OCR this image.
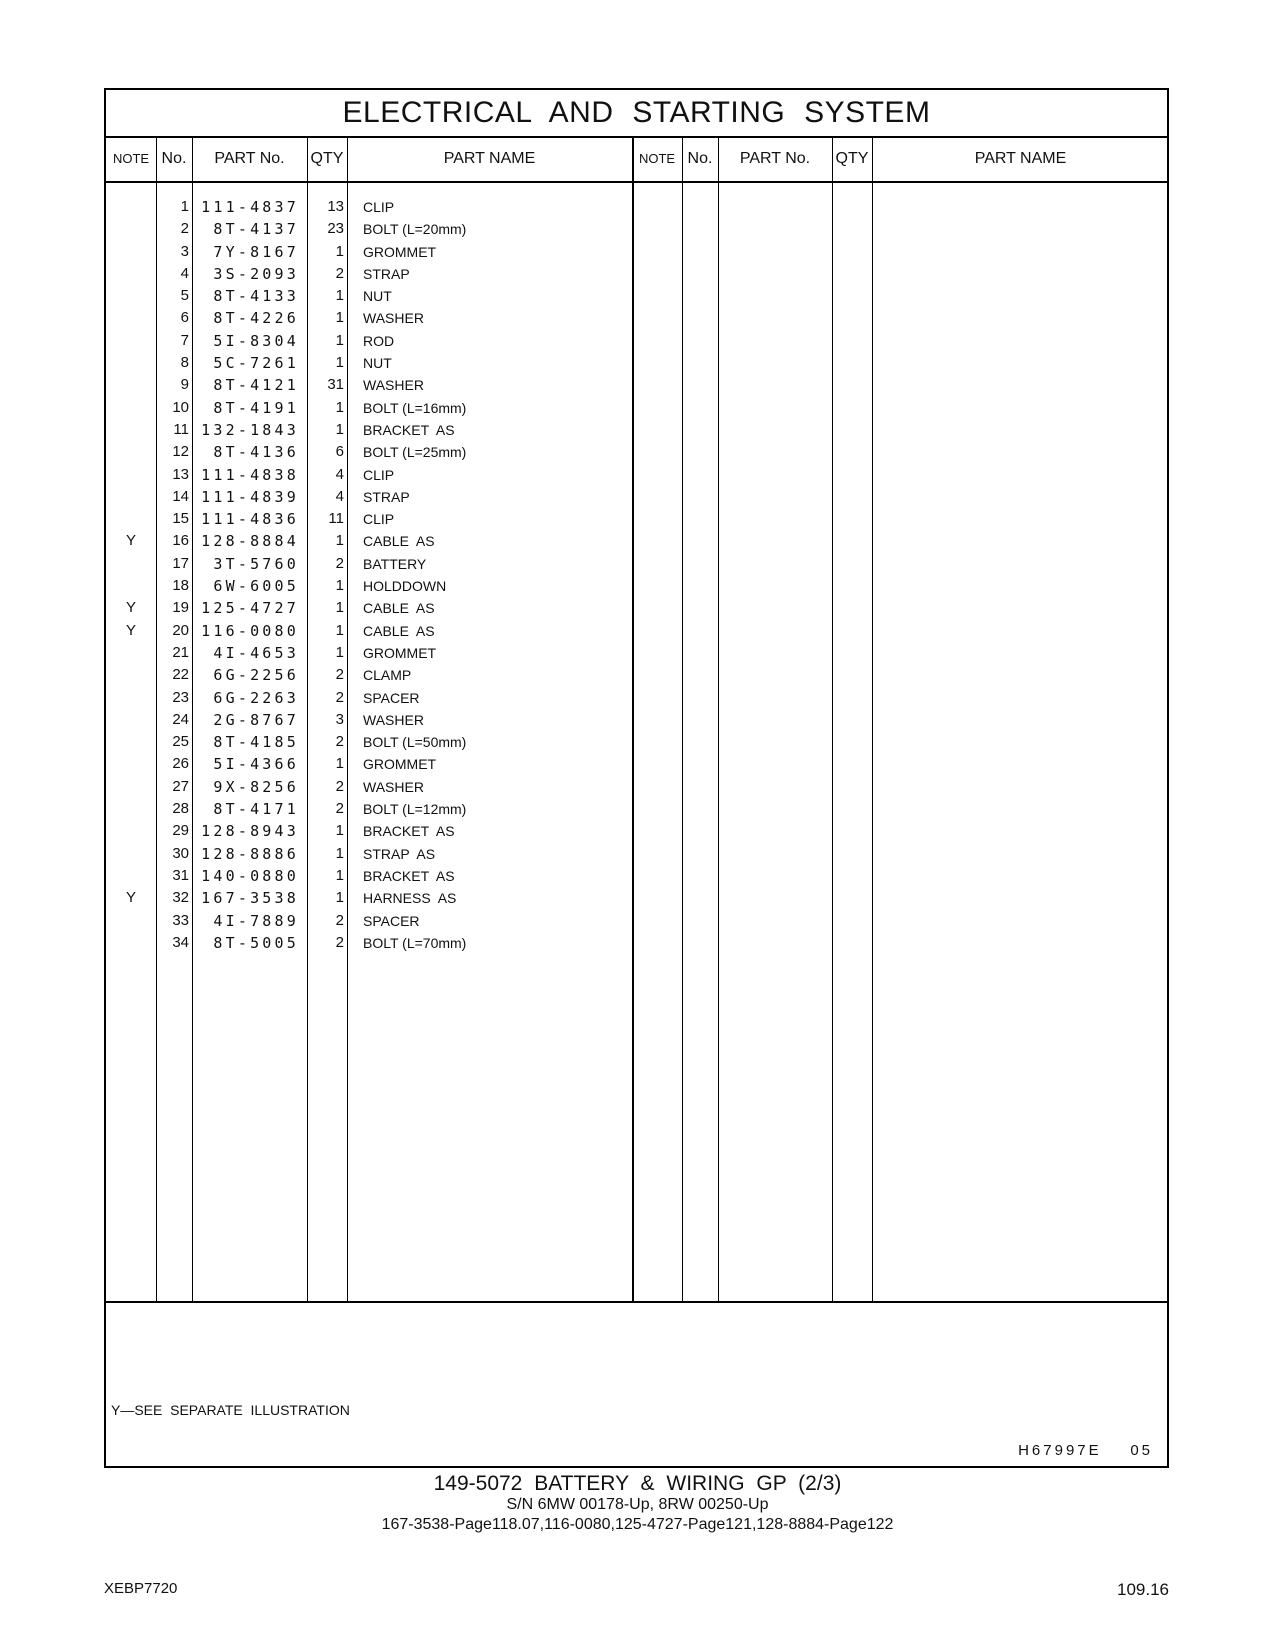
ELECTRICAL AND STARTING SYSTEM
NOTE No.	PART No.	QTY	PART NAME	NOTE No.	PART No.	QTY	PART NAME
1 111-4837	13 CLIP
2	8T-4137	23 BOLT (L=20mm)
3	7Y-8167	1 GROMMET
4	3S-2093	2 STRAP
5	8T-4133	1 NUT
6	8T-4226	1 WASHER
7	5I-8304	1 ROD
8	5C-7261	1 NUT
9	8T-4121	31 WASHER
10	8T-4191	1 BOLT (L=16mm)
11 132-1843	1 BRACKET  AS
12	8T-4136	6 BOLT (L=25mm)
13 111-4838	4 CLIP
14 111-4839	4 STRAP
15 111-4836	11 CLIP
Y	16 128-8884	1 CABLE  AS
17	3T-5760	2 BATTERY
18	6W-6005	1 HOLDDOWN
Y	19 125-4727	1 CABLE  AS
Y	20 116-0080	1 CABLE  AS
21	4I-4653	1 GROMMET
22	6G-2256	2 CLAMP
23	6G-2263	2 SPACER
24	2G-8767	3 WASHER
25	8T-4185	2 BOLT (L=50mm)
26	5I-4366	1 GROMMET
27	9X-8256	2 WASHER
28	8T-4171	2 BOLT (L=12mm)
29 128-8943	1 BRACKET  AS
30 128-8886	1 STRAP  AS
31 140-0880	1 BRACKET  AS
Y	32 167-3538	1 HARNESS  AS
33	4I-7889	2 SPACER
34	8T-5005	2 BOLT (L=70mm)
Y—SEE  SEPARATE  ILLUSTRATION
H67997E    05
149-5072 BATTERY & WIRING GP (2/3)
S/N 6MW 00178-Up, 8RW 00250-Up
167-3538-Page118.07,116-0080,125-4727-Page121,128-8884-Page122
XEBP7720	109.16
